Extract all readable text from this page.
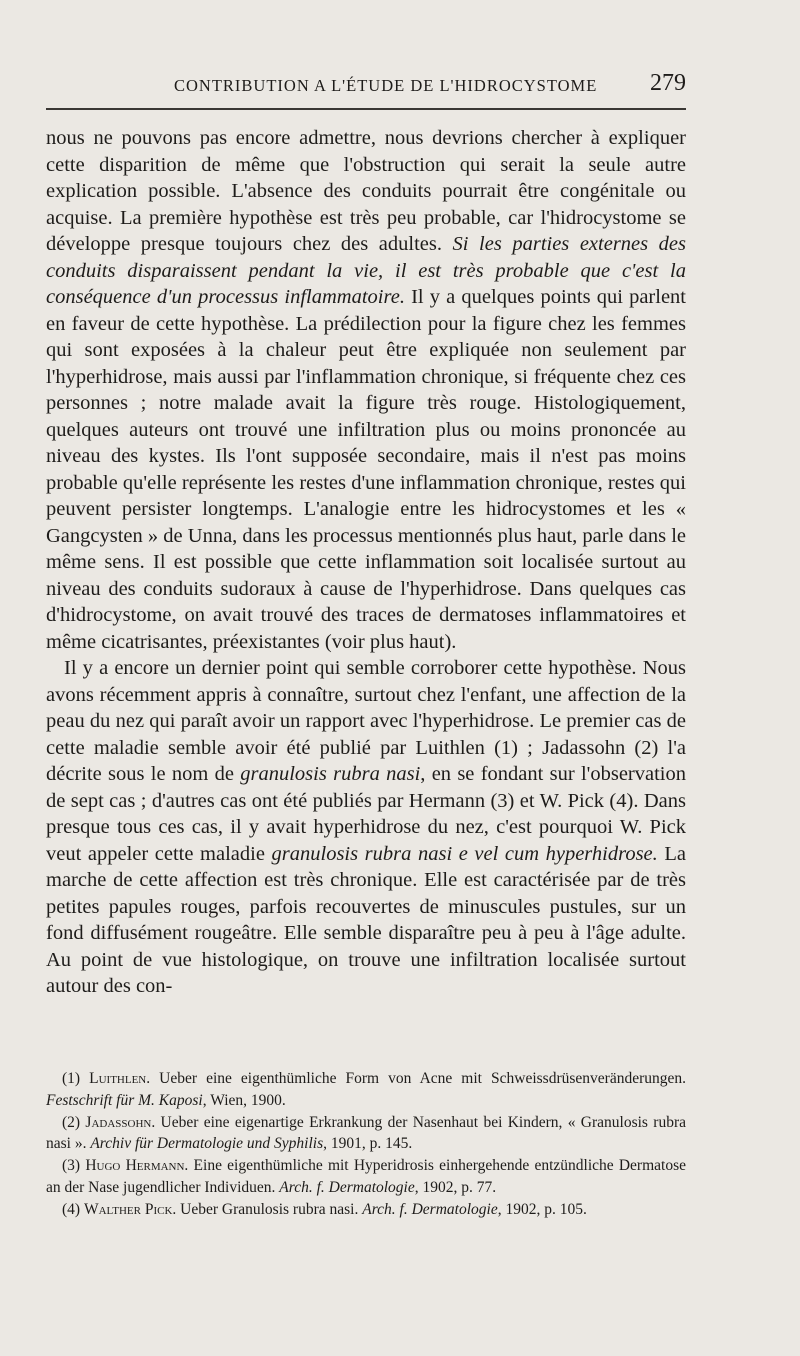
CONTRIBUTION A L'ÉTUDE DE L'HIDROCYSTOME 279

nous ne pouvons pas encore admettre, nous devrions chercher à expliquer cette disparition de même que l'obstruction qui serait la seule autre explication possible. L'absence des conduits pourrait être congénitale ou acquise. La première hypothèse est très peu probable, car l'hidrocystome se développe presque toujours chez des adultes. Si les parties externes des conduits disparaissent pendant la vie, il est très probable que c'est la conséquence d'un processus inflammatoire. Il y a quelques points qui parlent en faveur de cette hypothèse. La prédilection pour la figure chez les femmes qui sont exposées à la chaleur peut être expliquée non seulement par l'hyperhidrose, mais aussi par l'inflammation chronique, si fréquente chez ces personnes ; notre malade avait la figure très rouge. Histologiquement, quelques auteurs ont trouvé une infiltration plus ou moins prononcée au niveau des kystes. Ils l'ont supposée secondaire, mais il n'est pas moins probable qu'elle représente les restes d'une inflammation chronique, restes qui peuvent persister longtemps. L'analogie entre les hidrocystomes et les « Gangcysten » de Unna, dans les processus mentionnés plus haut, parle dans le même sens. Il est possible que cette inflammation soit localisée surtout au niveau des conduits sudoraux à cause de l'hyperhidrose. Dans quelques cas d'hidrocystome, on avait trouvé des traces de dermatoses inflammatoires et même cicatrisantes, préexistantes (voir plus haut).

Il y a encore un dernier point qui semble corroborer cette hypothèse. Nous avons récemment appris à connaître, surtout chez l'enfant, une affection de la peau du nez qui paraît avoir un rapport avec l'hyperhidrose. Le premier cas de cette maladie semble avoir été publié par Luithlen (1) ; Jadassohn (2) l'a décrite sous le nom de granulosis rubra nasi, en se fondant sur l'observation de sept cas ; d'autres cas ont été publiés par Hermann (3) et W. Pick (4). Dans presque tous ces cas, il y avait hyperhidrose du nez, c'est pourquoi W. Pick veut appeler cette maladie granulosis rubra nasi e vel cum hyperhidrose. La marche de cette affection est très chronique. Elle est caractérisée par de très petites papules rouges, parfois recouvertes de minuscules pustules, sur un fond diffusément rougeâtre. Elle semble disparaître peu à peu à l'âge adulte. Au point de vue histologique, on trouve une infiltration localisée surtout autour des con-

(1) Luithlen. Ueber eine eigenthümliche Form von Acne mit Schweissdrüsenveränderungen. Festschrift für M. Kaposi, Wien, 1900.

(2) Jadassohn. Ueber eine eigenartige Erkrankung der Nasenhaut bei Kindern, « Granulosis rubra nasi ». Archiv für Dermatologie und Syphilis, 1901, p. 145.

(3) Hugo Hermann. Eine eigenthümliche mit Hyperidrosis einhergehende entzündliche Dermatose an der Nase jugendlicher Individuen. Arch. f. Dermatologie, 1902, p. 77.

(4) Walther Pick. Ueber Granulosis rubra nasi. Arch. f. Dermatologie, 1902, p. 105.
